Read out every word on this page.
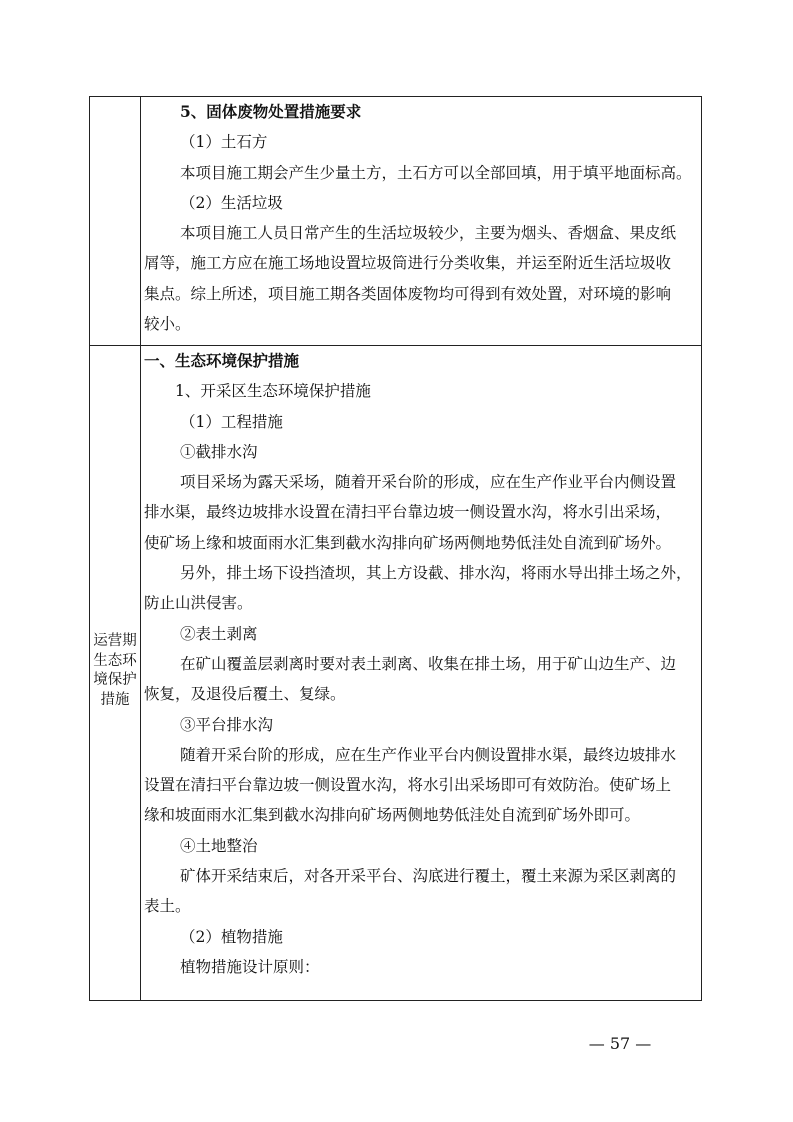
5、固体废物处置措施要求
（1）土石方
本项目施工期会产生少量土方，土石方可以全部回填，用于填平地面标高。
（2）生活垃圾
本项目施工人员日常产生的生活垃圾较少，主要为烟头、香烟盒、果皮纸
屑等，施工方应在施工场地设置垃圾筒进行分类收集，并运至附近生活垃圾收
集点。综上所述，项目施工期各类固体废物均可得到有效处置，对环境的影响
较小。
运营期
生态环
境保护
措施
一、生态环境保护措施
1、开采区生态环境保护措施
（1）工程措施
①截排水沟
项目采场为露天采场，随着开采台阶的形成，应在生产作业平台内侧设置
排水渠，最终边坡排水设置在清扫平台靠边坡一侧设置水沟，将水引出采场，
使矿场上缘和坡面雨水汇集到截水沟排向矿场两侧地势低洼处自流到矿场外。
另外，排土场下设挡渣坝，其上方设截、排水沟，将雨水导出排土场之外，
防止山洪侵害。
②表土剥离
在矿山覆盖层剥离时要对表土剥离、收集在排土场，用于矿山边生产、边
恢复，及退役后覆土、复绿。
③平台排水沟
随着开采台阶的形成，应在生产作业平台内侧设置排水渠，最终边坡排水
设置在清扫平台靠边坡一侧设置水沟，将水引出采场即可有效防治。使矿场上
缘和坡面雨水汇集到截水沟排向矿场两侧地势低洼处自流到矿场外即可。
④土地整治
矿体开采结束后，对各开采平台、沟底进行覆土，覆土来源为采区剥离的
表土。
（2）植物措施
植物措施设计原则：
— 57 —
